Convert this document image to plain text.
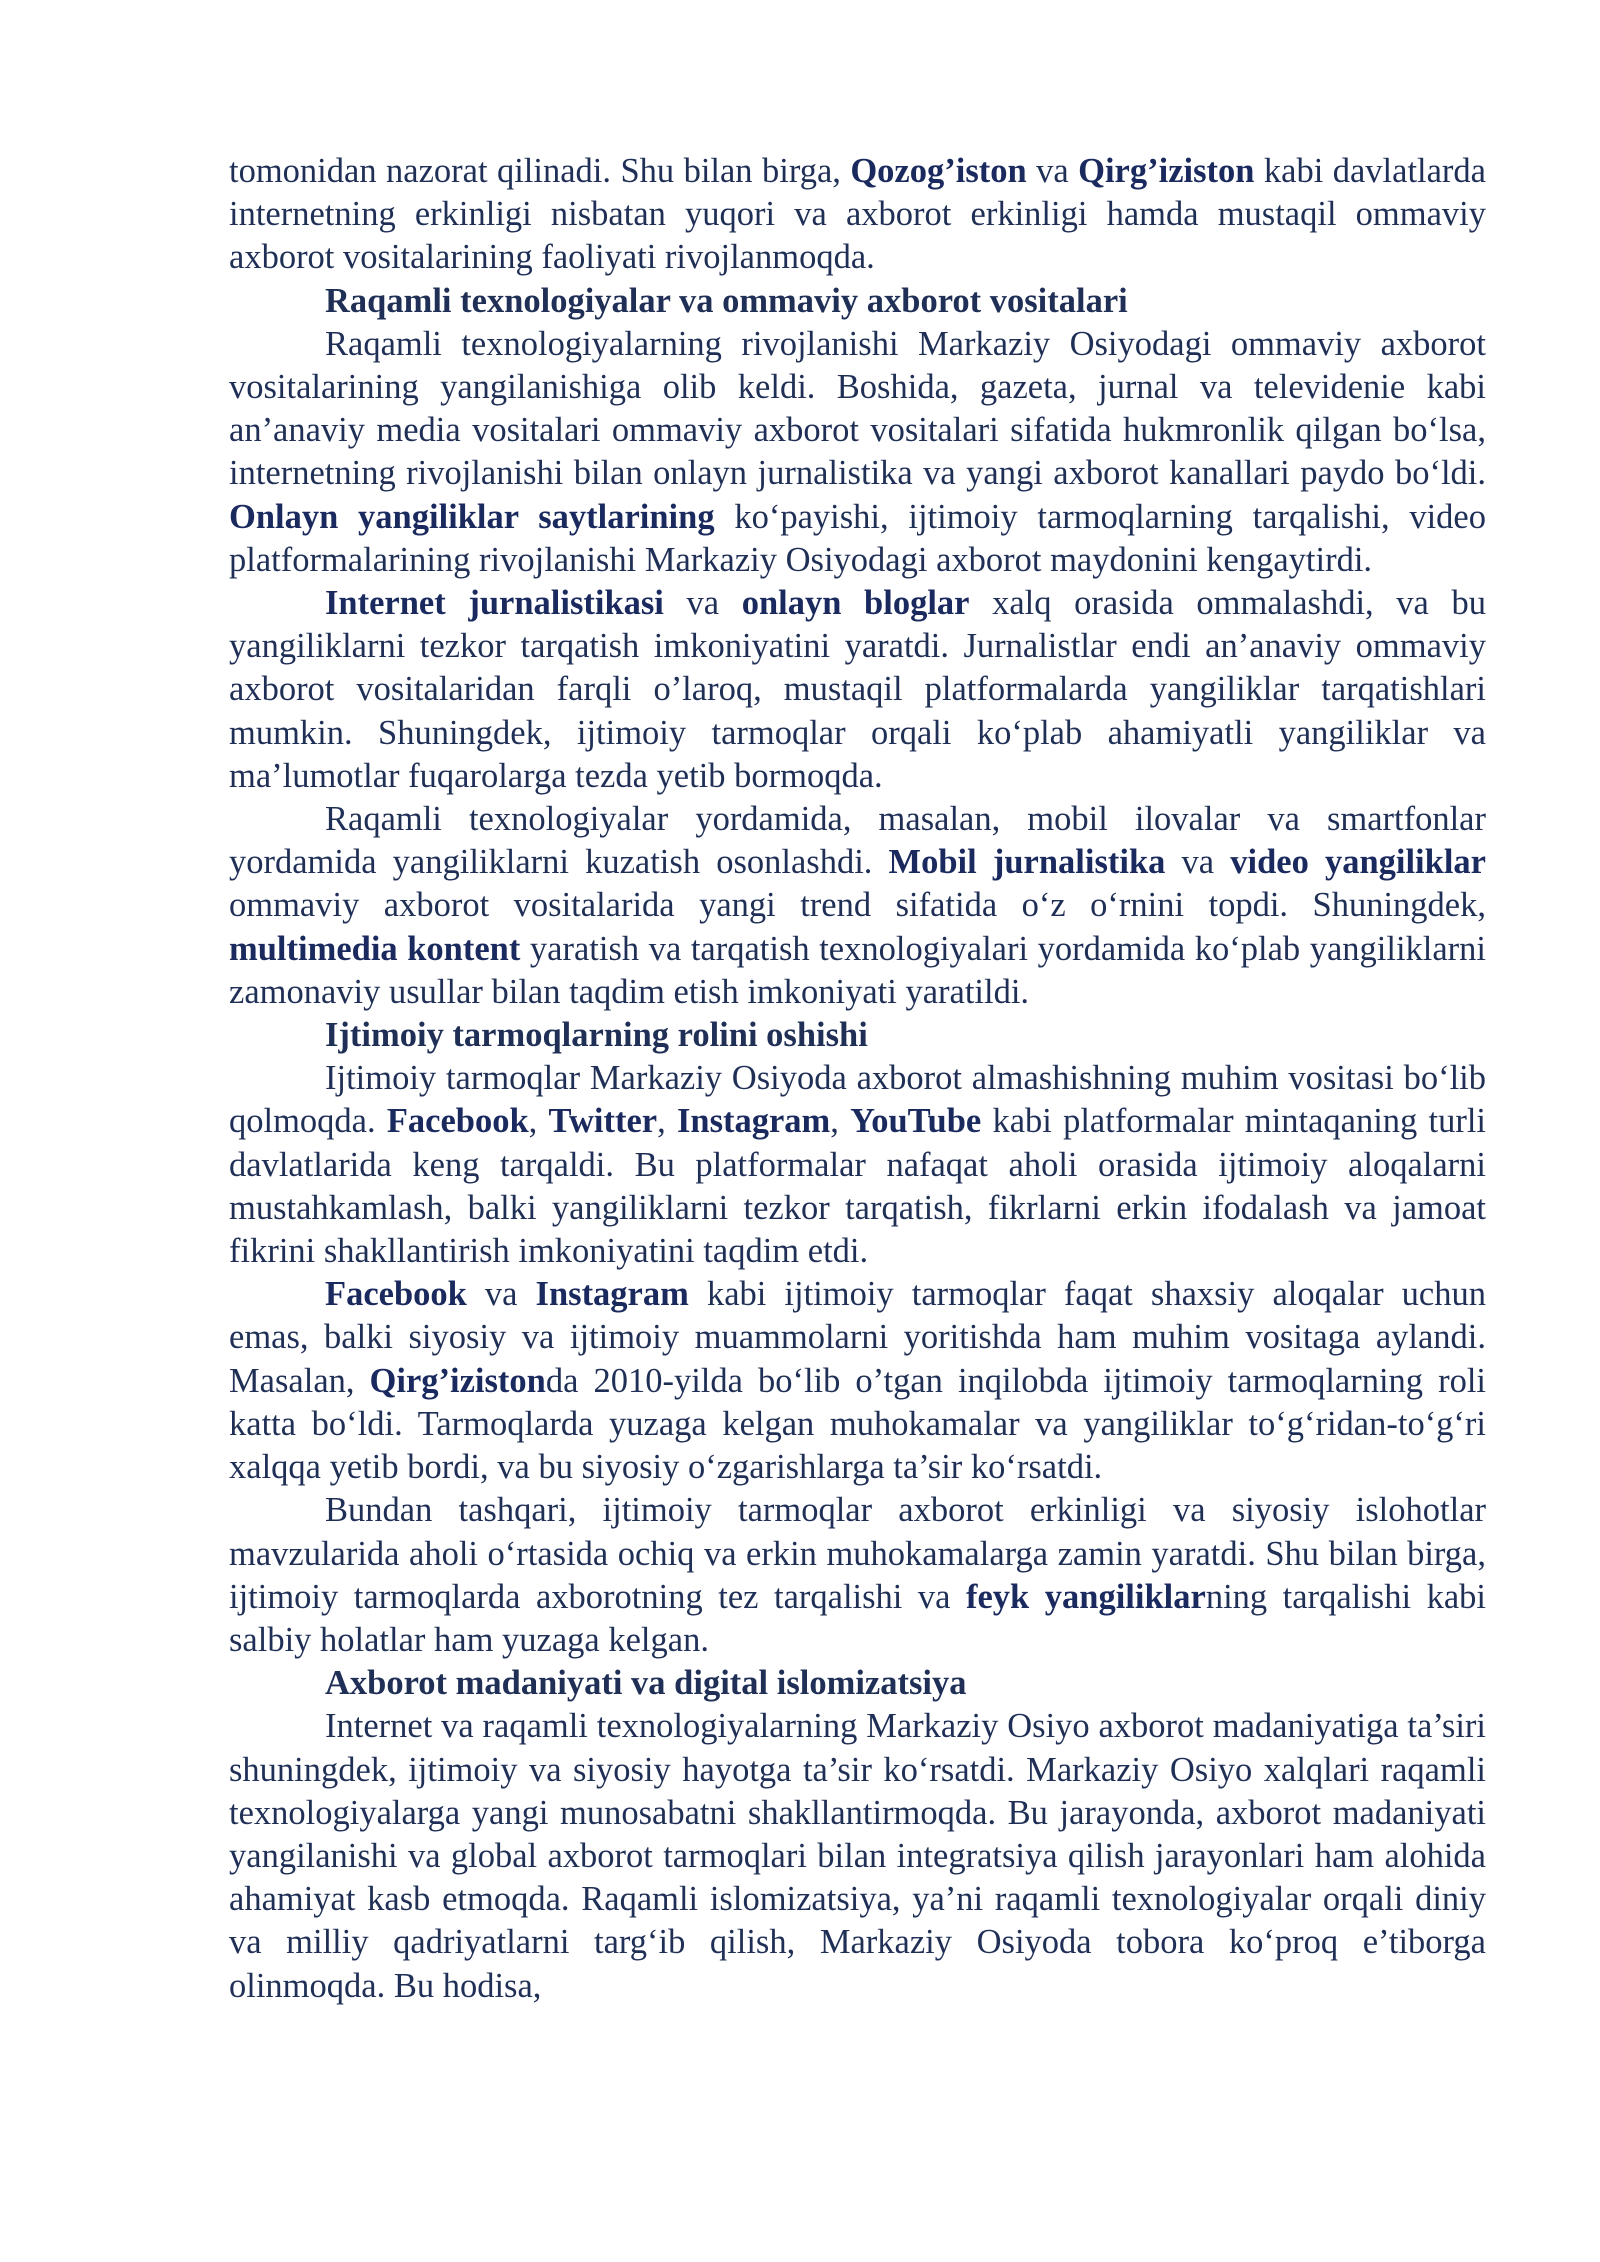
tomonidan nazorat qilinadi. Shu bilan birga, Qozog’iston va Qirg’iziston kabi davlatlarda internetning erkinligi nisbatan yuqori va axborot erkinligi hamda mustaqil ommaviy axborot vositalarining faoliyati rivojlanmoqda.

Raqamli texnologiyalar va ommaviy axborot vositalari

Raqamli texnologiyalarning rivojlanishi Markaziy Osiyodagi ommaviy axborot vositalarining yangilanishiga olib keldi. Boshida, gazeta, jurnal va televidenie kabi an’anaviy media vositalari ommaviy axborot vositalari sifatida hukmronlik qilgan bo‘lsa, internetning rivojlanishi bilan onlayn jurnalistika va yangi axborot kanallari paydo bo‘ldi. Onlayn yangiliklar saytlarining ko‘payishi, ijtimoiy tarmoqlarning tarqalishi, video platformalarining rivojlanishi Markaziy Osiyodagi axborot maydonini kengaytirdi.

Internet jurnalistikasi va onlayn bloglar xalq orasida ommalashdi, va bu yangiliklarni tezkor tarqatish imkoniyatini yaratdi. Jurnalistlar endi an’anaviy ommaviy axborot vositalaridan farqli o’laroq, mustaqil platformalarda yangiliklar tarqatishlari mumkin. Shuningdek, ijtimoiy tarmoqlar orqali ko‘plab ahamiyatli yangiliklar va ma’lumotlar fuqarolarga tezda yetib bormoqda.

Raqamli texnologiyalar yordamida, masalan, mobil ilovalar va smartfonlar yordamida yangiliklarni kuzatish osonlashdi. Mobil jurnalistika va video yangiliklar ommaviy axborot vositalarida yangi trend sifatida o‘z o‘rnini topdi. Shuningdek, multimedia kontent yaratish va tarqatish texnologiyalari yordamida ko‘plab yangiliklarni zamonaviy usullar bilan taqdim etish imkoniyati yaratildi.

Ijtimoiy tarmoqlarning rolini oshishi

Ijtimoiy tarmoqlar Markaziy Osiyoda axborot almashishning muhim vositasi bo‘lib qolmoqda. Facebook, Twitter, Instagram, YouTube kabi platformalar mintaqaning turli davlatlarida keng tarqaldi. Bu platformalar nafaqat aholi orasida ijtimoiy aloqalarni mustahkamlash, balki yangiliklarni tezkor tarqatish, fikrlarni erkin ifodalash va jamoat fikrini shakllantirish imkoniyatini taqdim etdi.

Facebook va Instagram kabi ijtimoiy tarmoqlar faqat shaxsiy aloqalar uchun emas, balki siyosiy va ijtimoiy muammolarni yoritishda ham muhim vositaga aylandi. Masalan, Qirg’izistonda 2010-yilda bo‘lib o’tgan inqilobda ijtimoiy tarmoqlarning roli katta bo‘ldi. Tarmoqlarda yuzaga kelgan muhokamalar va yangiliklar to‘g‘ridan-to‘g‘ri xalqqa yetib bordi, va bu siyosiy o‘zgarishlarga ta’sir ko‘rsatdi.

Bundan tashqari, ijtimoiy tarmoqlar axborot erkinligi va siyosiy islohotlar mavzularida aholi o‘rtasida ochiq va erkin muhokamalarga zamin yaratdi. Shu bilan birga, ijtimoiy tarmoqlarda axborotning tez tarqalishi va feyk yangiliklarning tarqalishi kabi salbiy holatlar ham yuzaga kelgan.

Axborot madaniyati va digital islomizatsiya

Internet va raqamli texnologiyalarning Markaziy Osiyo axborot madaniyatiga ta’siri shuningdek, ijtimoiy va siyosiy hayotga ta’sir ko‘rsatdi. Markaziy Osiyo xalqlari raqamli texnologiyalarga yangi munosabatni shakllantirmoqda. Bu jarayonda, axborot madaniyati yangilanishi va global axborot tarmoqlari bilan integratsiya qilish jarayonlari ham alohida ahamiyat kasb etmoqda. Raqamli islomizatsiya, ya’ni raqamli texnologiyalar orqali diniy va milliy qadriyatlarni targ‘ib qilish, Markaziy Osiyoda tobora ko‘proq e’tiborga olinmoqda. Bu hodisa,
